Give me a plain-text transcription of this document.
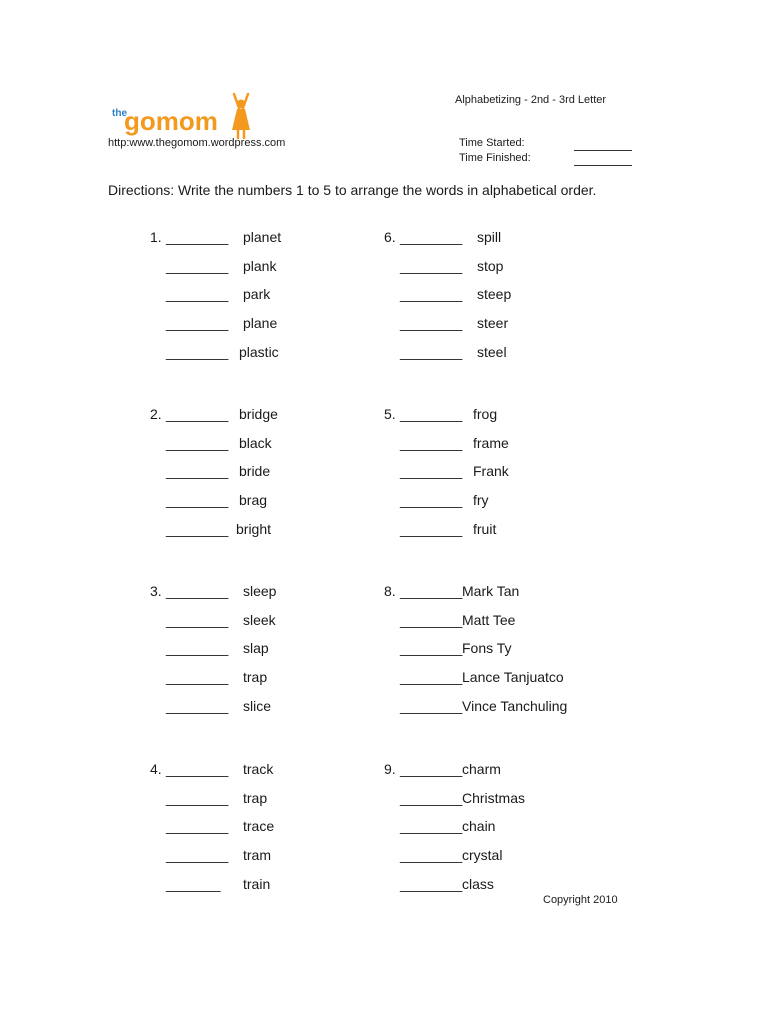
the
gomom
http:www.thegomom.wordpress.com
Alphabetizing - 2nd - 3rd Letter
Time Started:
Time Finished:
Directions: Write the numbers 1 to 5 to arrange the words in alphabetical order.
1. ________ planet
________ plank
________ park
________ plane
________ plastic
6. ________ spill
________ stop
________ steep
________ steer
________ steel
2. ________ bridge
________ black
________ bride
________ brag
________ bright
5. ________ frog
________ frame
________ Frank
________ fry
________ fruit
3. ________ sleep
________ sleek
________ slap
________ trap
________ slice
8. ________ Mark Tan
________ Matt Tee
________ Fons Ty
________ Lance Tanjuatco
________ Vince Tanchuling
4. ________ track
________ trap
________ trace
________ tram
_______ train
9. ________ charm
________ Christmas
________ chain
________ crystal
________ class
Copyright 2010
